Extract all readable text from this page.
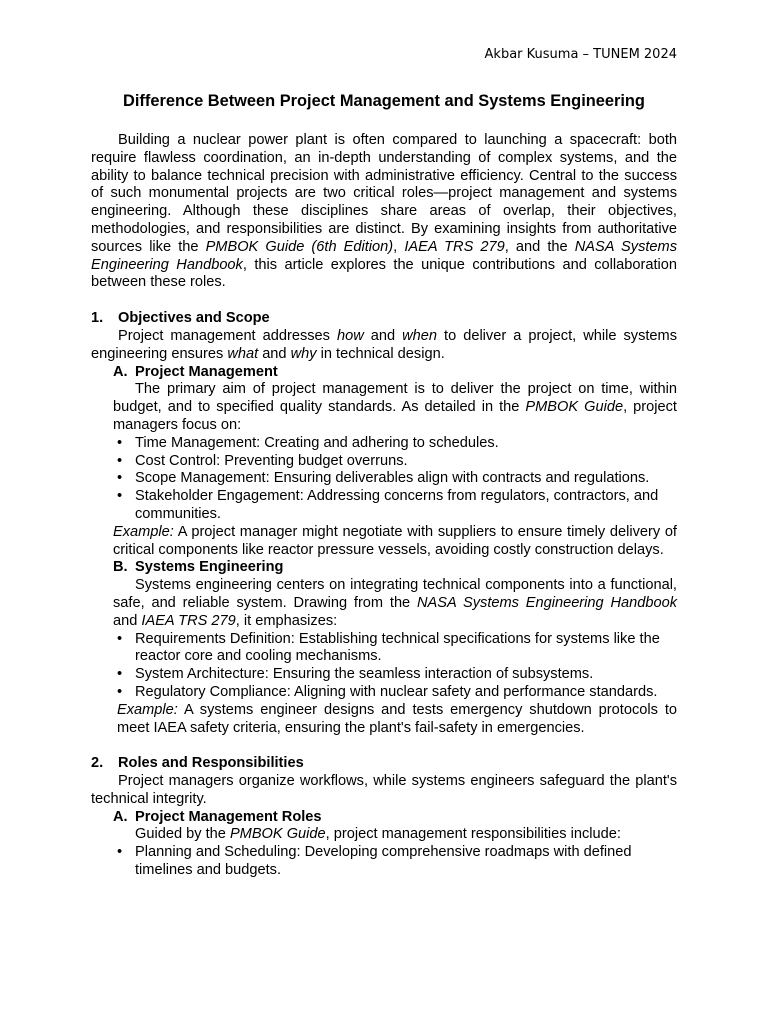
Akbar Kusuma – TUNEM 2024
Difference Between Project Management and Systems Engineering

Building a nuclear power plant is often compared to launching a spacecraft: both require flawless coordination, an in-depth understanding of complex systems, and the ability to balance technical precision with administrative efficiency. Central to the success of such monumental projects are two critical roles—project management and systems engineering. Although these disciplines share areas of overlap, their objectives, methodologies, and responsibilities are distinct. By examining insights from authoritative sources like the PMBOK Guide (6th Edition), IAEA TRS 279, and the NASA Systems Engineering Handbook, this article explores the unique contributions and collaboration between these roles.

1. Objectives and Scope

Project management addresses how and when to deliver a project, while systems engineering ensures what and why in technical design.

A. Project Management

The primary aim of project management is to deliver the project on time, within budget, and to specified quality standards. As detailed in the PMBOK Guide, project managers focus on:

• Time Management: Creating and adhering to schedules.
• Cost Control: Preventing budget overruns.
• Scope Management: Ensuring deliverables align with contracts and regulations.
• Stakeholder Engagement: Addressing concerns from regulators, contractors, and communities.

Example: A project manager might negotiate with suppliers to ensure timely delivery of critical components like reactor pressure vessels, avoiding costly construction delays.

B. Systems Engineering

Systems engineering centers on integrating technical components into a functional, safe, and reliable system. Drawing from the NASA Systems Engineering Handbook and IAEA TRS 279, it emphasizes:

• Requirements Definition: Establishing technical specifications for systems like the reactor core and cooling mechanisms.
• System Architecture: Ensuring the seamless interaction of subsystems.
• Regulatory Compliance: Aligning with nuclear safety and performance standards.

Example: A systems engineer designs and tests emergency shutdown protocols to meet IAEA safety criteria, ensuring the plant's fail-safety in emergencies.

2. Roles and Responsibilities

Project managers organize workflows, while systems engineers safeguard the plant's technical integrity.

A. Project Management Roles

Guided by the PMBOK Guide, project management responsibilities include:

• Planning and Scheduling: Developing comprehensive roadmaps with defined timelines and budgets.
